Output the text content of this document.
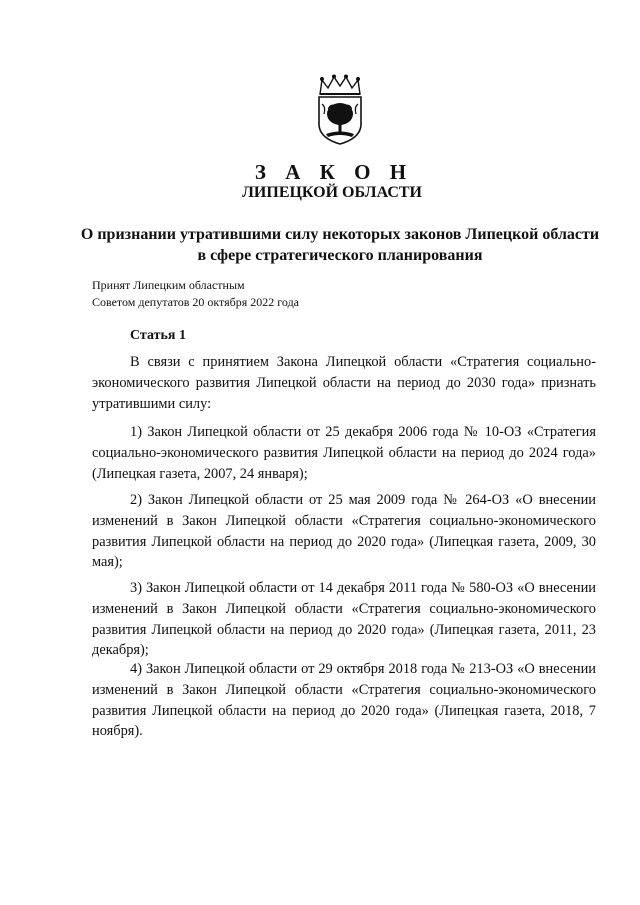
З А К О Н
ЛИПЕЦКОЙ ОБЛАСТИ
О признании утратившими силу некоторых законов Липецкой области в сфере стратегического планирования
Принят Липецким областным
Советом депутатов 20 октября 2022 года
Статья 1

В связи с принятием Закона Липецкой области «Стратегия социально-экономического развития Липецкой области на период до 2030 года» признать утратившими силу:

1) Закон Липецкой области от 25 декабря 2006 года № 10-ОЗ «Стратегия социально-экономического развития Липецкой области на период до 2024 года» (Липецкая газета, 2007, 24 января);

2) Закон Липецкой области от 25 мая 2009 года № 264-ОЗ «О внесении изменений в Закон Липецкой области «Стратегия социально-экономического развития Липецкой области на период до 2020 года» (Липецкая газета, 2009, 30 мая);

3) Закон Липецкой области от 14 декабря 2011 года № 580-ОЗ «О внесении изменений в Закон Липецкой области «Стратегия социально-экономического развития Липецкой области на период до 2020 года» (Липецкая газета, 2011, 23 декабря);

4) Закон Липецкой области от 29 октября 2018 года № 213-ОЗ «О внесении изменений в Закон Липецкой области «Стратегия социально-экономического развития Липецкой области на период до 2020 года» (Липецкая газета, 2018, 7 ноября).
